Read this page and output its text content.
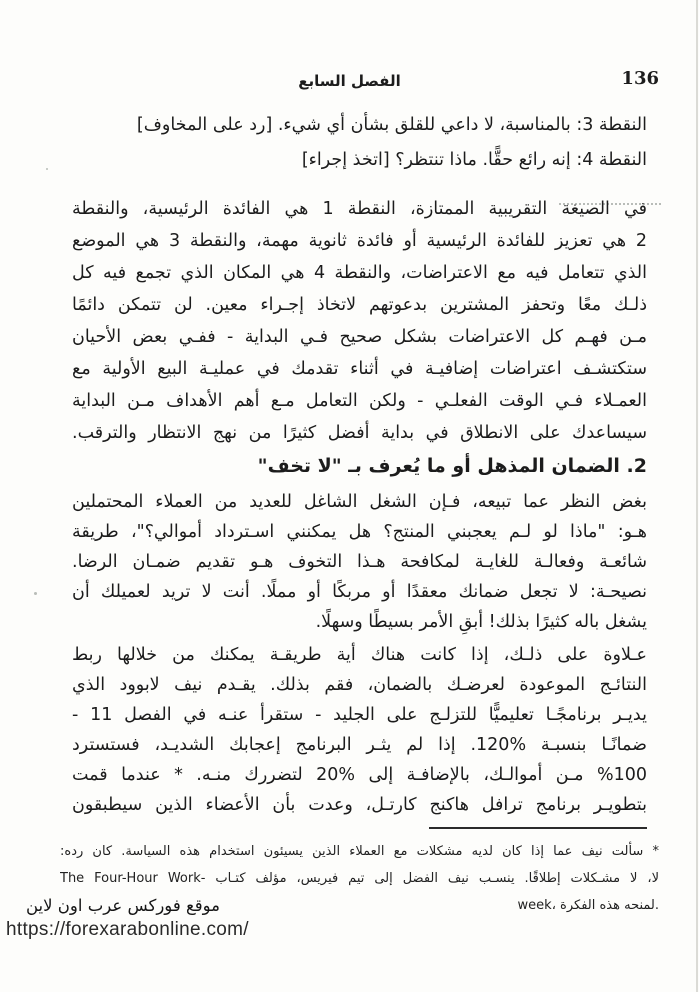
الفصل السابع	136
النقطة 3: بالمناسبة، لا داعي للقلق بشأن أي شيء. [رد على المخاوف]
النقطة 4: إنه رائع حقًّا. ماذا تنتظر؟ [اتخذ إجراء]
في الصيغة التقريبية الممتازة، النقطة 1 هي الفائدة الرئيسية، والنقطة
2 هي تعزيز للفائدة الرئيسية أو فائدة ثانوية مهمة، والنقطة 3 هي الموضع
الذي تتعامل فيه مع الاعتراضات، والنقطة 4 هي المكان الذي تجمع فيه كل
ذلـك معًا وتحفز المشترين بدعوتهم لاتخاذ إجـراء معين. لن تتمكن دائمًا
مـن فهـم كل الاعتراضات بشكل صحيح فـي البداية - ففـي بعض الأحيان
ستكتشـف اعتراضات إضافيـة في أثناء تقدمك في عمليـة البيع الأولية مع
العمـلاء فـي الوقت الفعلـي - ولكن التعامل مـع أهم الأهداف مـن البداية
سيساعدك على الانطلاق في بداية أفضل كثيرًا من نهج الانتظار والترقب.
2. الضمان المذهل أو ما يُعرف بـ "لا تخف"
بغض النظر عما تبيعه، فـإن الشغل الشاغل للعديد من العملاء المحتملين
هـو: "ماذا لو لـم يعجبني المنتج؟ هل يمكنني اسـترداد أموالي؟"، طريقة
شائعـة وفعالـة للغايـة لمكافحة هـذا التخوف هـو تقديم ضمـان الرضا.
نصيحـة: لا تجعل ضمانك معقدًا أو مربكًا أو مملًا. أنت لا تريد لعميلك أن
يشغل باله كثيرًا بذلك! أبقِ الأمر بسيطًا وسهلًا.
عـلاوة على ذلـك، إذا كانت هناك أية طريقـة يمكنك من خلالها ربط
النتائـج الموعودة لعرضـك بالضمان، فقم بذلك. يقـدم نيف لابوود الذي
يديـر برنامجًـا تعليميًّا للتزلـج على الجليد - ستقرأ عنـه في الفصل 11 -
ضمانًـا بنسبـة %120. إذا لم يثـر البرنامج إعجابك الشديـد، فستسترد
%100 مـن أموالـك، بالإضافـة إلى %20 لتضررك منـه. * عندما قمت
بتطويـر برنامج ترافل هاكنج كارتـل، وعدت بأن الأعضاء الذين سيطبقون
* سألت نيف عما إذا كان لديه مشكلات مع العملاء الذين يسيئون استخدام هذه السياسة. كان رده:
لا، لا مشـكلات إطلاقًا. ينسـب نيف الفضل إلى تيم فيريس، مؤلف كتـاب The Four-Hour Work-‎
week، لمنحه هذه الفكرة.
موقع فوركس عرب اون لاين
https://forexarabonline.com/
